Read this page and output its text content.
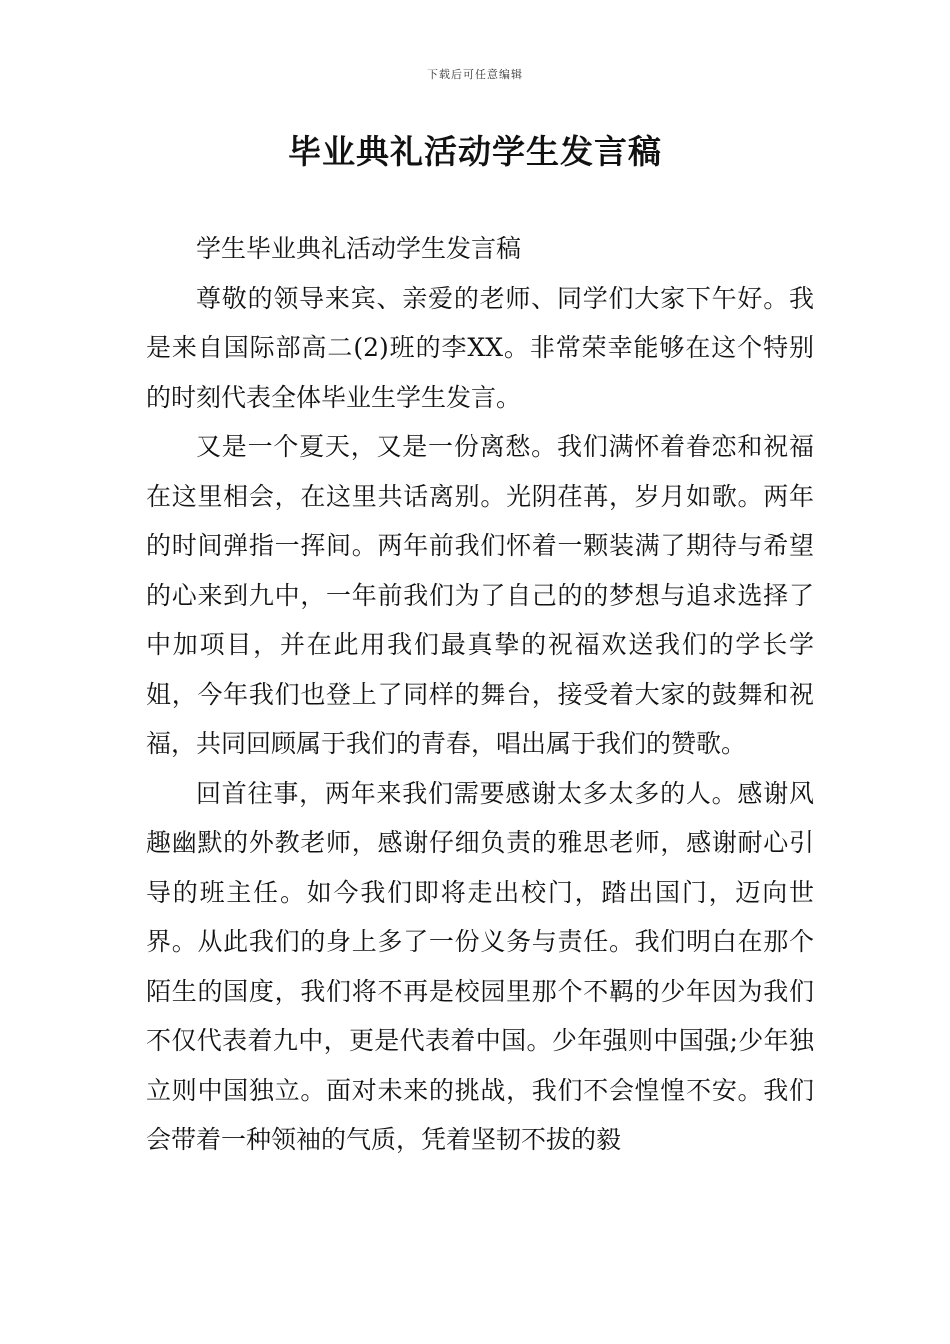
下载后可任意编辑
毕业典礼活动学生发言稿

学生毕业典礼活动学生发言稿

尊敬的领导来宾、亲爱的老师、同学们大家下午好。我是来自国际部高二(2)班的李XX。非常荣幸能够在这个特别的时刻代表全体毕业生学生发言。

又是一个夏天，又是一份离愁。我们满怀着眷恋和祝福在这里相会，在这里共话离别。光阴荏苒，岁月如歌。两年的时间弹指一挥间。两年前我们怀着一颗装满了期待与希望的心来到九中，一年前我们为了自己的的梦想与追求选择了中加项目，并在此用我们最真挚的祝福欢送我们的学长学姐，今年我们也登上了同样的舞台，接受着大家的鼓舞和祝福，共同回顾属于我们的青春，唱出属于我们的赞歌。

回首往事，两年来我们需要感谢太多太多的人。感谢风趣幽默的外教老师，感谢仔细负责的雅思老师，感谢耐心引导的班主任。如今我们即将走出校门，踏出国门，迈向世界。从此我们的身上多了一份义务与责任。我们明白在那个陌生的国度，我们将不再是校园里那个不羁的少年因为我们不仅代表着九中，更是代表着中国。少年强则中国强;少年独立则中国独立。面对未来的挑战，我们不会惶惶不安。我们会带着一种领袖的气质，凭着坚韧不拔的毅
